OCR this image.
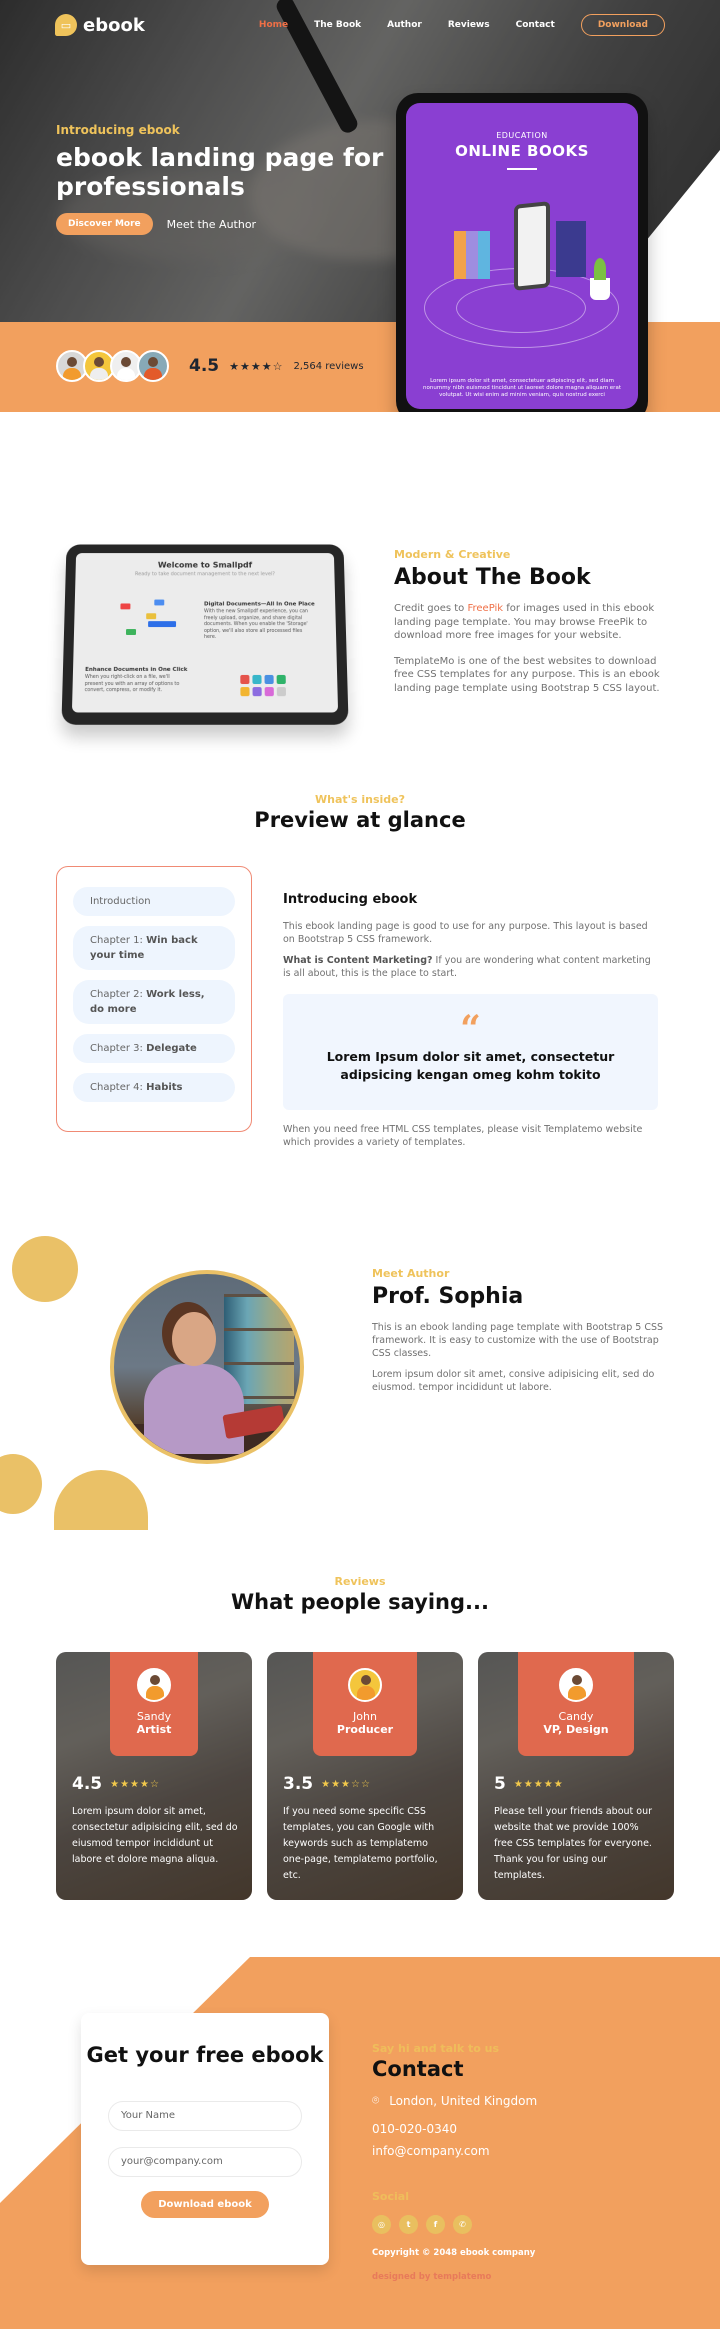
▭ ebook	Home	The Book	Author	Reviews	Contact	Download
Introducing ebook
ebook landing page for professionals
Discover More	Meet the Author
4.5 ★★★★☆ 2,564 reviews
EDUCATION
ONLINE BOOKS
Lorem ipsum dolor sit amet, consectetuer adipiscing elit, sed diam nonummy nibh euismod tincidunt ut laoreet dolore magna aliquam erat volutpat. Ut wisi enim ad minim veniam, quis nostrud exerci
Welcome to Smallpdf
Ready to take document management to the next level?
Digital Documents—All In One Place
With the new Smallpdf experience, you can freely upload, organize, and share digital documents. When you enable the 'Storage' option, we'll also store all processed files here.
Enhance Documents in One Click
When you right-click on a file, we'll present you with an array of options to convert, compress, or modify it.
Modern & Creative
About The Book

Credit goes to FreePik for images used in this ebook landing page template. You may browse FreePik to download more free images for your website.

TemplateMo is one of the best websites to download free CSS templates for any purpose. This is an ebook landing page template using Bootstrap 5 CSS layout.

What's inside?
Preview at glance
Introduction
Chapter 1: Win back your time
Chapter 2: Work less, do more
Chapter 3: Delegate
Chapter 4: Habits
Introducing ebook

This ebook landing page is good to use for any purpose. This layout is based on Bootstrap 5 CSS framework.

What is Content Marketing? If you are wondering what content marketing is all about, this is the place to start.

“
Lorem Ipsum dolor sit amet, consectetur adipsicing kengan omeg kohm tokito

When you need free HTML CSS templates, please visit Templatemo website which provides a variety of templates.

Meet Author
Prof. Sophia

This is an ebook landing page template with Bootstrap 5 CSS framework. It is easy to customize with the use of Bootstrap CSS classes.

Lorem ipsum dolor sit amet, consive adipisicing elit, sed do eiusmod. tempor incididunt ut labore.

Reviews
What people saying...
Sandy
Artist
4.5 ★★★★☆
Lorem ipsum dolor sit amet, consectetur adipisicing elit, sed do eiusmod tempor incididunt ut labore et dolore magna aliqua.
John
Producer
3.5 ★★★☆☆
If you need some specific CSS templates, you can Google with keywords such as templatemo one-page, templatemo portfolio, etc.
Candy
VP, Design
5 ★★★★★
Please tell your friends about our website that we provide 100% free CSS templates for everyone. Thank you for using our templates.
Get your free ebook
Your Name
your@company.com
Download ebook
Say hi and talk to us
Contact
⌾ London, United Kingdom
010-020-0340
info@company.com
Social
◎	t	f	✆
Copyright © 2048 ebook company
designed by templatemo
